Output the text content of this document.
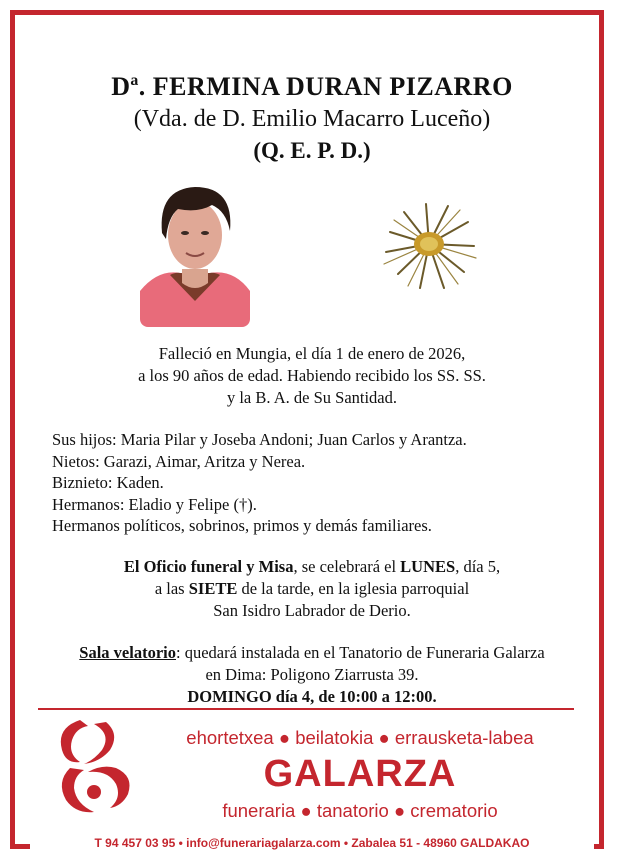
Dª. FERMINA DURAN PIZARRO
(Vda. de D. Emilio Macarro Luceño)
(Q. E. P. D.)
Falleció en Mungia, el día 1 de enero de 2026,
a los 90 años de edad. Habiendo recibido los SS. SS.
y la B. A. de Su Santidad.
Sus hijos: Maria Pilar y Joseba Andoni; Juan Carlos y Arantza.
Nietos: Garazi, Aimar, Aritza y Nerea.
Biznieto: Kaden.
Hermanos: Eladio y Felipe (†).
Hermanos políticos, sobrinos, primos y demás familiares.
El Oficio funeral y Misa, se celebrará el LUNES, día 5,
a las SIETE de la tarde, en la iglesia parroquial
San Isidro Labrador de Derio.
Sala velatorio: quedará instalada en el Tanatorio de Funeraria Galarza
en Dima: Poligono Ziarrusta 39.
DOMINGO día 4, de 10:00 a 12:00.
ehortetxea ● beilatokia ● errausketa-labea
GALARZA
funeraria ● tanatorio ● crematorio
T 94 457 03 95 • info@funerariagalarza.com • Zabalea 51 - 48960 GALDAKAO
